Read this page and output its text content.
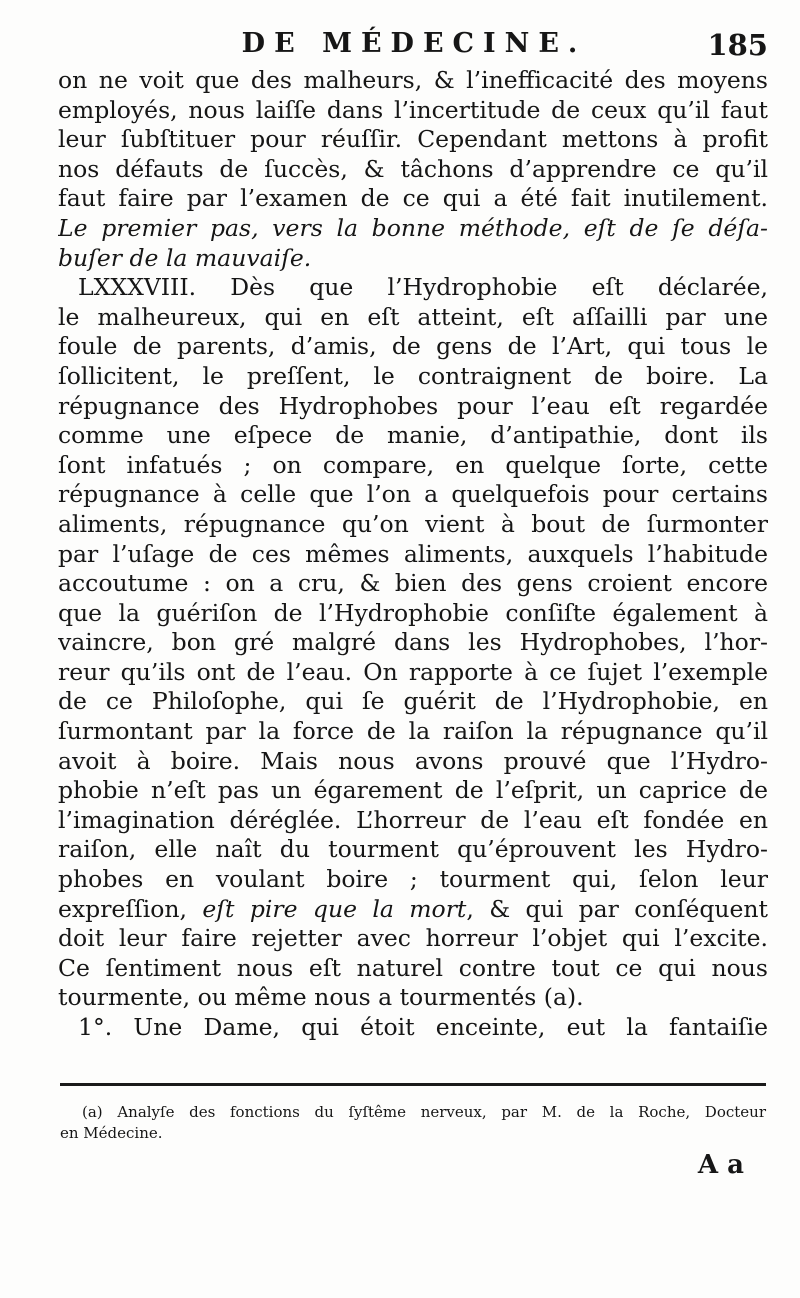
DE MÉDECINE.	185
on ne voit que des malheurs, & l’inefficacité des moyens
employés, nous laiſſe dans l’incertitude de ceux qu’il faut
leur ſubſtituer pour réuſſir. Cependant mettons à profit
nos défauts de ſuccès, & tâchons d’apprendre ce qu’il
faut faire par l’examen de ce qui a été fait inutilement.
Le premier pas, vers la bonne méthode, eſt de ſe déſa-
buſer de la mauvaiſe.
LXXXVIII. Dès que l’Hydrophobie eſt déclarée,
le malheureux, qui en eſt atteint, eſt aſſailli par une
foule de parents, d’amis, de gens de l’Art, qui tous le
ſollicitent, le preſſent, le contraignent de boire. La
répugnance des Hydrophobes pour l’eau eſt regardée
comme une eſpece de manie, d’antipathie, dont ils
ſont infatués ; on compare, en quelque ſorte, cette
répugnance à celle que l’on a quelquefois pour certains
aliments, répugnance qu’on vient à bout de ſurmonter
par l’uſage de ces mêmes aliments, auxquels l’habitude
accoutume : on a cru, & bien des gens croient encore
que la guériſon de l’Hydrophobie conſiſte également à
vaincre, bon gré malgré dans les Hydrophobes, l’hor-
reur qu’ils ont de l’eau. On rapporte à ce ſujet l’exemple
de ce Philoſophe, qui ſe guérit de l’Hydrophobie, en
ſurmontant par la force de la raiſon la répugnance qu’il
avoit à boire. Mais nous avons prouvé que l’Hydro-
phobie n’eſt pas un égarement de l’eſprit, un caprice de
l’imagination déréglée. L’horreur de l’eau eſt fondée en
raiſon, elle naît du tourment qu’éprouvent les Hydro-
phobes en voulant boire ; tourment qui, ſelon leur
expreſſion, eſt pire que la mort, & qui par conſéquent
doit leur faire rejetter avec horreur l’objet qui l’excite.
Ce ſentiment nous eſt naturel contre tout ce qui nous
tourmente, ou même nous a tourmentés (a).
1°. Une Dame, qui étoit enceinte, eut la fantaiſie
(a) Analyſe des fonctions du ſyſtême nerveux, par M. de la Roche, Docteur
en Médecine.
A a
